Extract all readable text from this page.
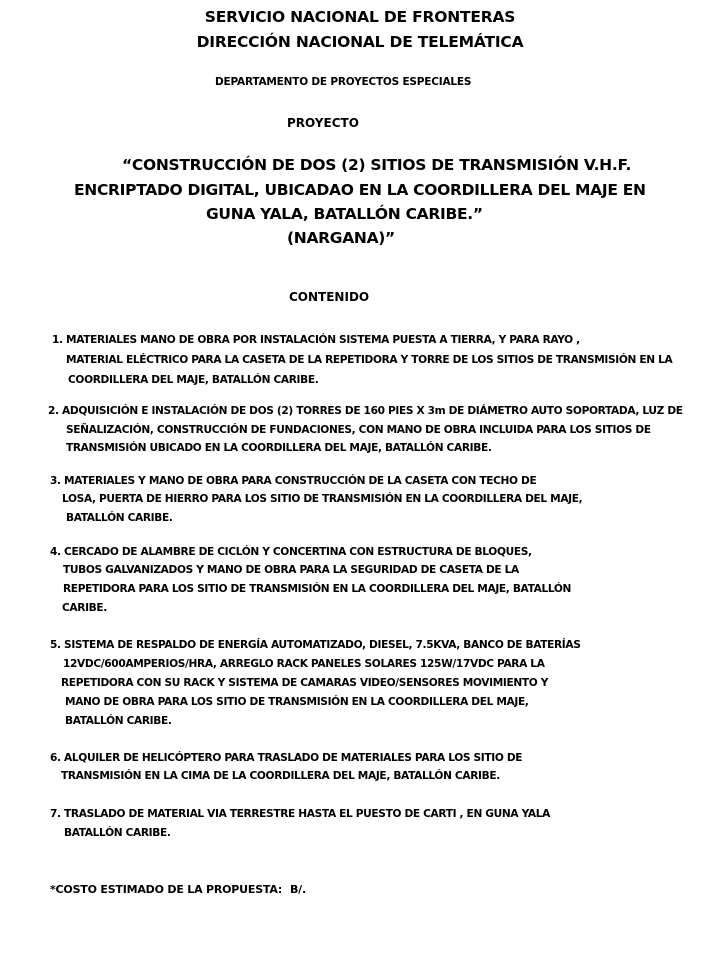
SERVICIO NACIONAL DE FRONTERAS
DIRECCIÓN NACIONAL DE TELEMÁTICA
DEPARTAMENTO DE PROYECTOS ESPECIALES
PROYECTO
“CONSTRUCCIÓN DE DOS (2) SITIOS DE TRANSMISIÓN V.H.F.
ENCRIPTADO DIGITAL, UBICADAO EN LA COORDILLERA DEL MAJE EN
GUNA YALA, BATALLÓN CARIBE.”
(NARGANA)”
CONTENIDO
1. MATERIALES MANO DE OBRA POR INSTALACIÓN SISTEMA PUESTA A TIERRA, Y PARA RAYO ,
MATERIAL ELÉCTRICO PARA LA CASETA DE LA REPETIDORA Y TORRE DE LOS SITIOS DE TRANSMISIÓN EN LA
COORDILLERA DEL MAJE, BATALLÓN CARIBE.
2. ADQUISICIÓN E INSTALACIÓN DE DOS (2) TORRES DE 160 PIES X 3m DE DIÁMETRO AUTO SOPORTADA, LUZ DE
SEÑALIZACIÓN, CONSTRUCCIÓN DE FUNDACIONES, CON MANO DE OBRA INCLUIDA PARA LOS SITIOS DE
TRANSMISIÓN UBICADO EN LA COORDILLERA DEL MAJE, BATALLÓN CARIBE.
3. MATERIALES Y MANO DE OBRA PARA CONSTRUCCIÓN DE LA CASETA CON TECHO DE
LOSA, PUERTA DE HIERRO PARA LOS SITIO DE TRANSMISIÓN EN LA COORDILLERA DEL MAJE,
BATALLÓN CARIBE.
4. CERCADO DE ALAMBRE DE CICLÓN Y CONCERTINA CON ESTRUCTURA DE BLOQUES,
TUBOS GALVANIZADOS Y MANO DE OBRA PARA LA SEGURIDAD DE CASETA DE LA
REPETIDORA PARA LOS SITIO DE TRANSMISIÓN EN LA COORDILLERA DEL MAJE, BATALLÓN
CARIBE.
5. SISTEMA DE RESPALDO DE ENERGÍA AUTOMATIZADO, DIESEL, 7.5KVA, BANCO DE BATERÍAS
12VDC/600AMPERIOS/HRA, ARREGLO RACK PANELES SOLARES 125W/17VDC PARA LA
REPETIDORA CON SU RACK Y SISTEMA DE CAMARAS VIDEO/SENSORES MOVIMIENTO Y
MANO DE OBRA PARA LOS SITIO DE TRANSMISIÓN EN LA COORDILLERA DEL MAJE,
BATALLÓN CARIBE.
6. ALQUILER DE HELICÓPTERO PARA TRASLADO DE MATERIALES PARA LOS SITIO DE
TRANSMISIÓN EN LA CIMA DE LA COORDILLERA DEL MAJE, BATALLÓN CARIBE.
7. TRASLADO DE MATERIAL VIA TERRESTRE HASTA EL PUESTO DE CARTI , EN GUNA YALA
BATALLÓN CARIBE.
*COSTO ESTIMADO DE LA PROPUESTA: B/.
